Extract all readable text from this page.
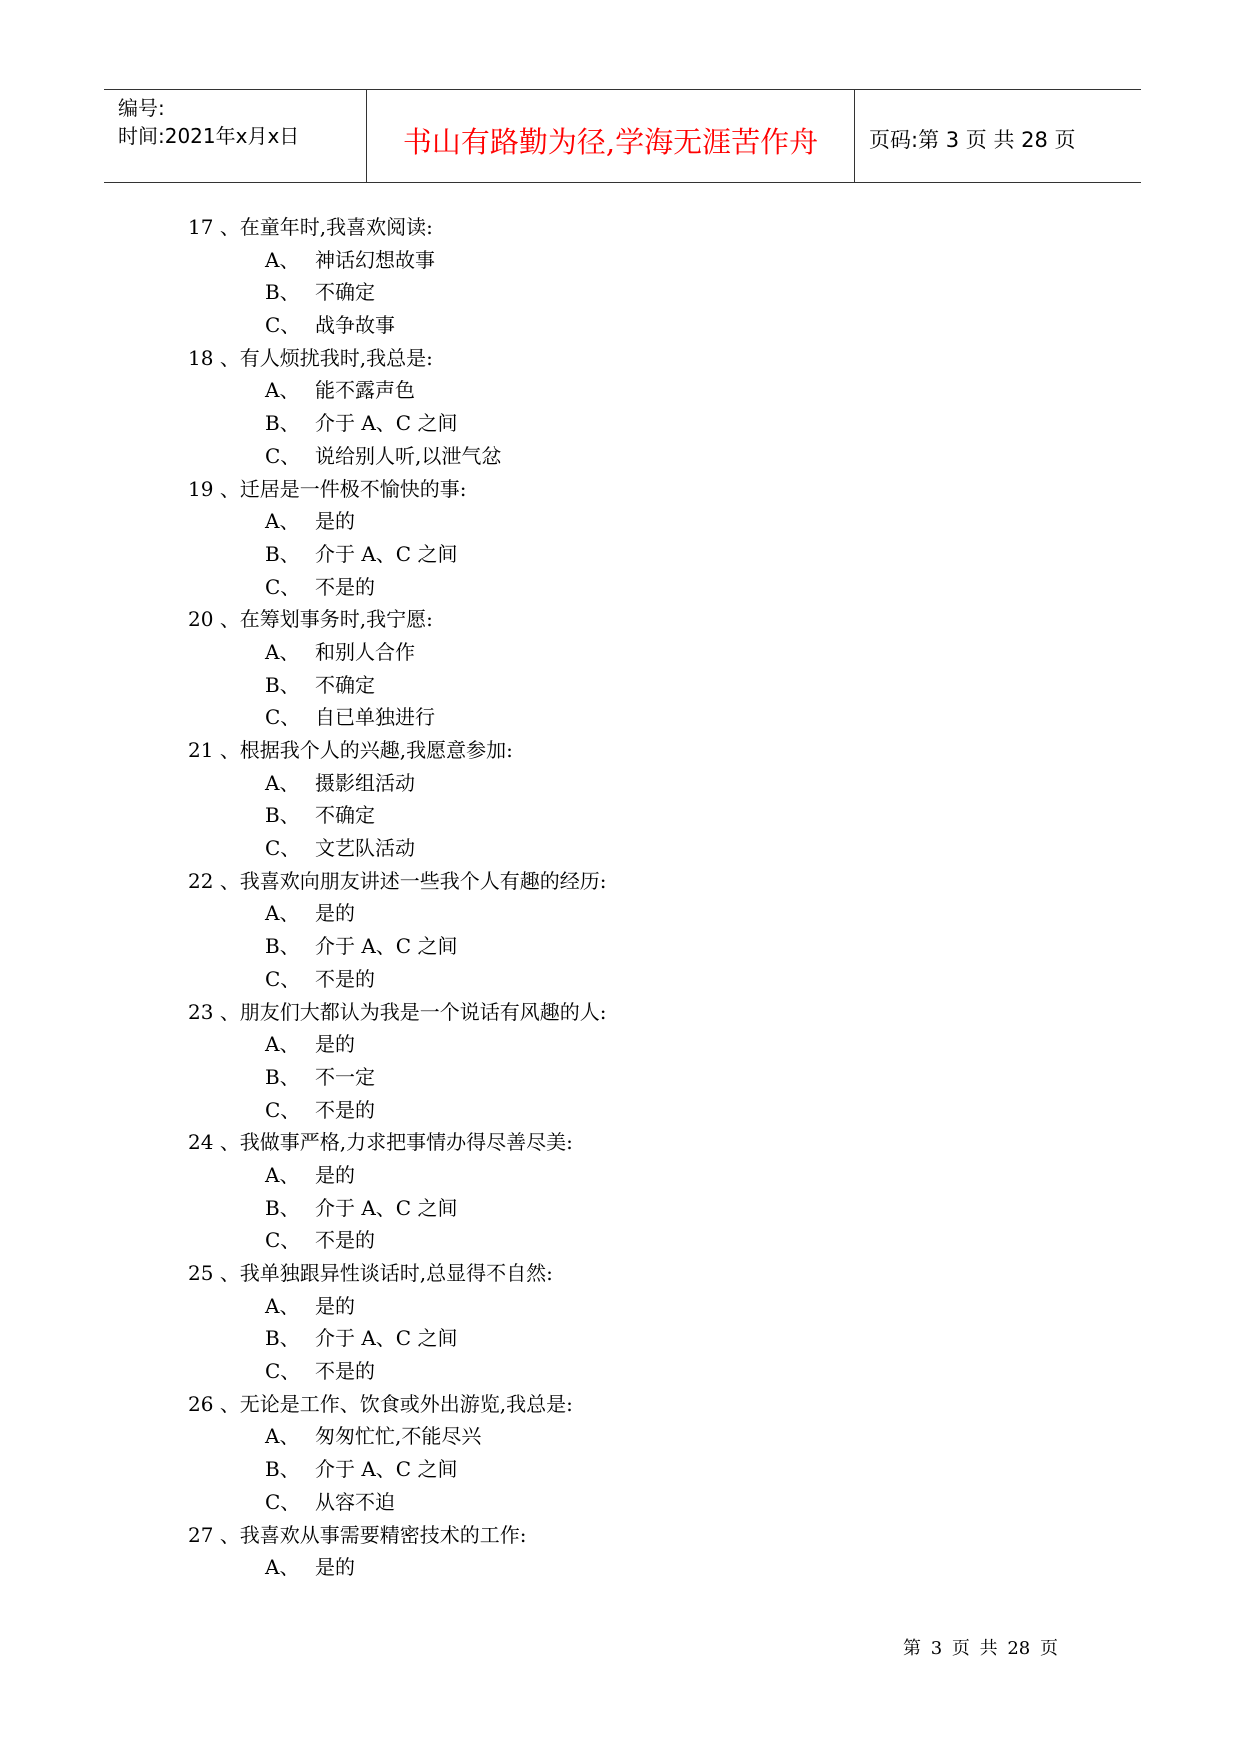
编号:
时间:2021年x月x日	书山有路勤为径,学海无涯苦作舟	页码:第 3 页 共 28 页
17 、在童年时,我喜欢阅读:
A、 神话幻想故事
B、 不确定
C、 战争故事
18 、有人烦扰我时,我总是:
A、 能不露声色
B、 介于 A、C 之间
C、 说给别人听,以泄气忿
19 、迁居是一件极不愉快的事:
A、 是的
B、 介于 A、C 之间
C、 不是的
20 、在筹划事务时,我宁愿:
A、 和别人合作
B、 不确定
C、 自已单独进行
21 、根据我个人的兴趣,我愿意参加:
A、 摄影组活动
B、 不确定
C、 文艺队活动
22 、我喜欢向朋友讲述一些我个人有趣的经历:
A、 是的
B、 介于 A、C 之间
C、 不是的
23 、朋友们大都认为我是一个说话有风趣的人:
A、 是的
B、 不一定
C、 不是的
24 、我做事严格,力求把事情办得尽善尽美:
A、 是的
B、 介于 A、C 之间
C、 不是的
25 、我单独跟异性谈话时,总显得不自然:
A、 是的
B、 介于 A、C 之间
C、 不是的
26 、无论是工作、饮食或外出游览,我总是:
A、 匆匆忙忙,不能尽兴
B、 介于 A、C 之间
C、 从容不迫
27 、我喜欢从事需要精密技术的工作:
A、 是的
第 3 页 共 28 页
